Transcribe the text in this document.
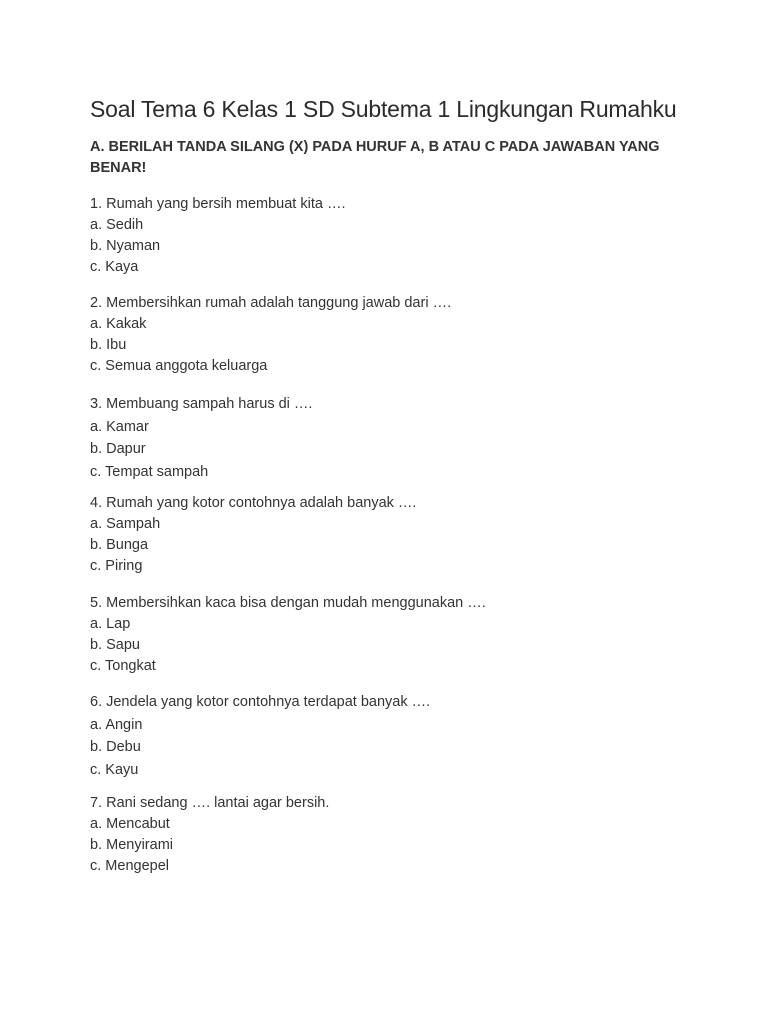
Soal Tema 6 Kelas 1 SD Subtema 1 Lingkungan Rumahku
A. BERILAH TANDA SILANG (X) PADA HURUF A, B ATAU C PADA JAWABAN YANG BENAR!
1. Rumah yang bersih membuat kita ….
a. Sedih
b. Nyaman
c. Kaya
2. Membersihkan rumah adalah tanggung jawab dari ….
a. Kakak
b. Ibu
c. Semua anggota keluarga
3. Membuang sampah harus di ….
a. Kamar
b. Dapur
c. Tempat sampah
4. Rumah yang kotor contohnya adalah banyak ….
a. Sampah
b. Bunga
c. Piring
5. Membersihkan kaca bisa dengan mudah menggunakan ….
a. Lap
b. Sapu
c. Tongkat
6. Jendela yang kotor contohnya terdapat banyak ….
a. Angin
b. Debu
c. Kayu
7. Rani sedang …. lantai agar bersih.
a. Mencabut
b. Menyirami
c. Mengepel
